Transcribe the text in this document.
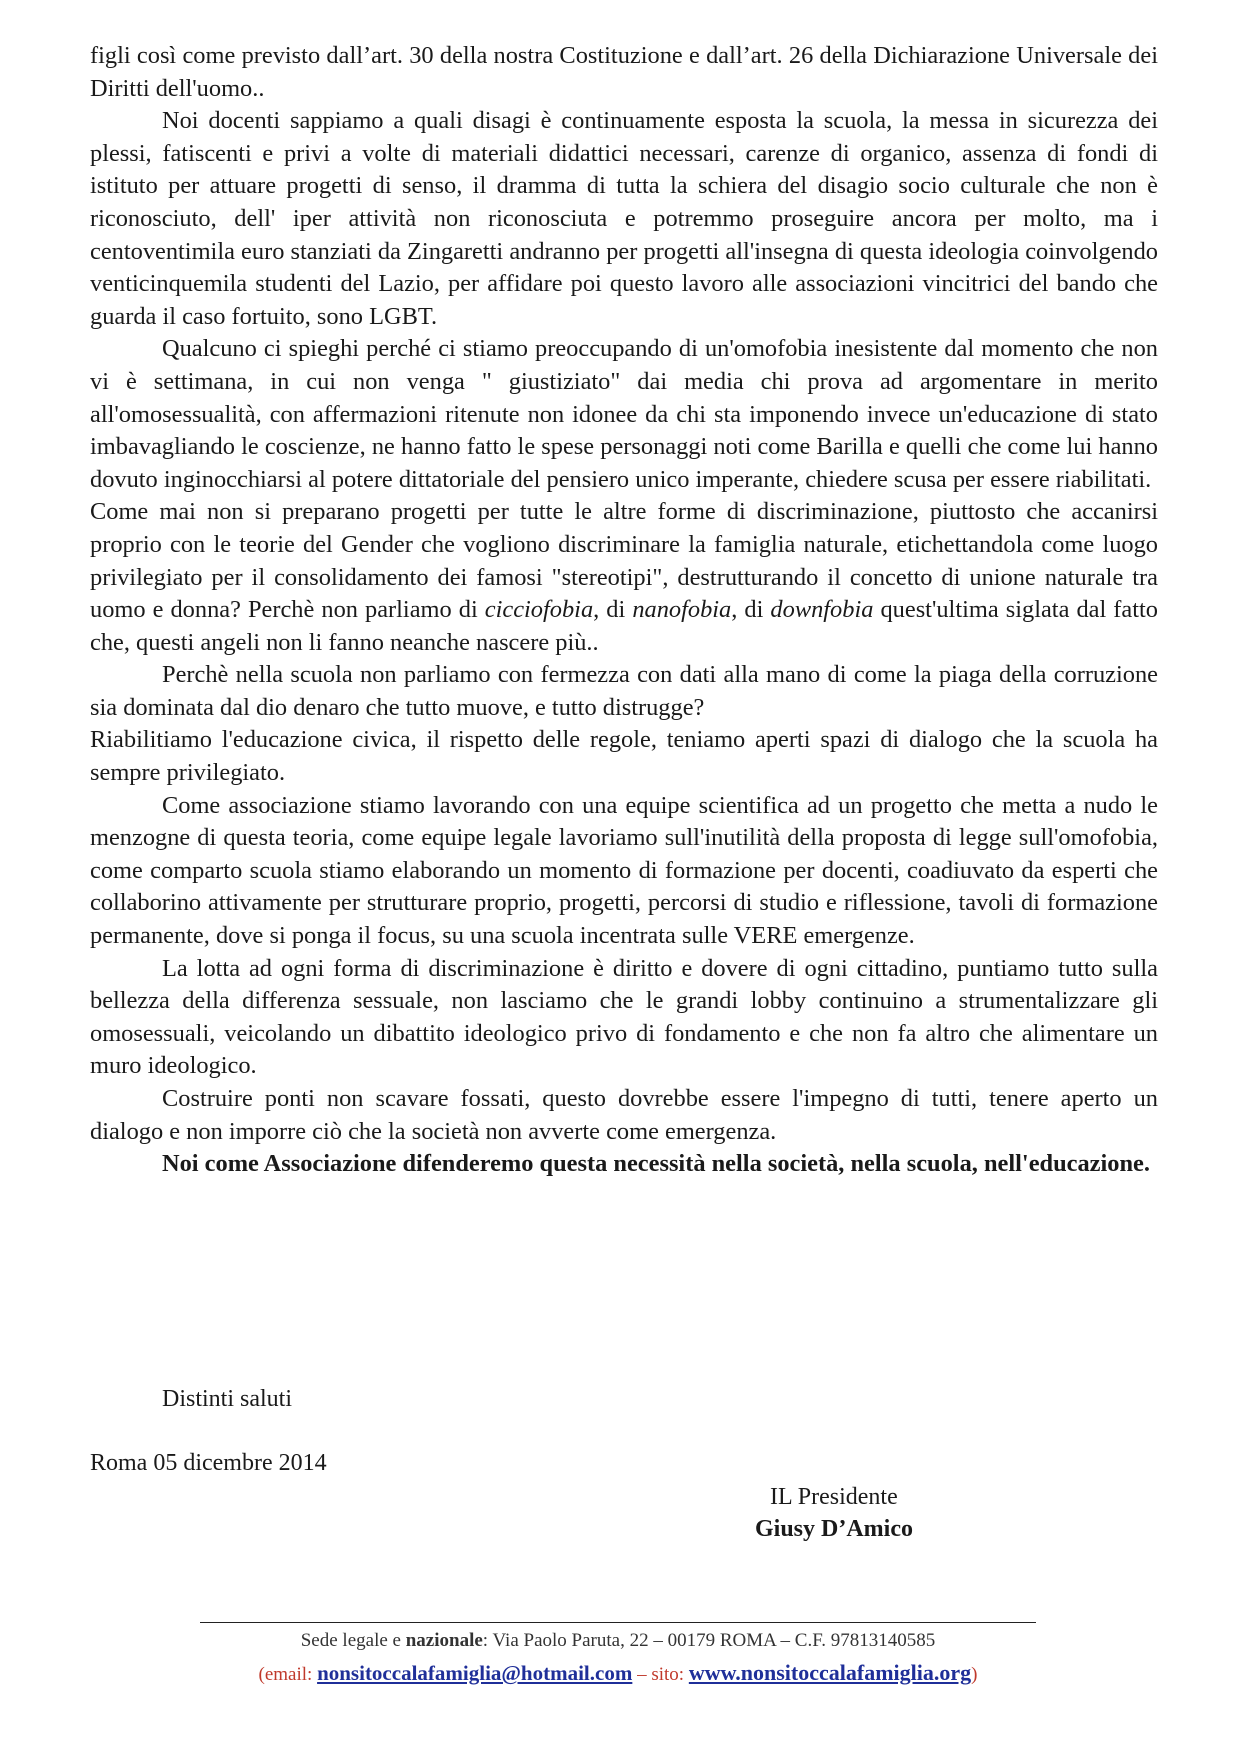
figli così come previsto dall’art. 30 della nostra Costituzione e dall’art. 26 della Dichiarazione Universale dei Diritti dell'uomo..

Noi docenti sappiamo a quali disagi è continuamente esposta la scuola, la messa in sicurezza dei plessi, fatiscenti e privi a volte di materiali didattici necessari, carenze di organico, assenza di fondi di istituto per attuare progetti di senso, il dramma di tutta la schiera del disagio socio culturale che non è riconosciuto, dell' iper attività non riconosciuta e potremmo proseguire ancora per molto, ma i centoventimila euro stanziati da Zingaretti andranno per progetti all'insegna di questa ideologia coinvolgendo venticinquemila studenti del Lazio, per affidare poi questo lavoro alle associazioni vincitrici del bando che guarda il caso fortuito, sono LGBT.

Qualcuno ci spieghi perché ci stiamo preoccupando di un'omofobia inesistente dal momento che non vi è settimana, in cui non venga " giustiziato" dai media chi prova ad argomentare in merito all'omosessualità, con affermazioni ritenute non idonee da chi sta imponendo invece un'educazione di stato imbavagliando le coscienze, ne hanno fatto le spese personaggi noti come Barilla e quelli che come lui hanno dovuto inginocchiarsi al potere dittatoriale del pensiero unico imperante, chiedere scusa per essere riabilitati.

Come mai non si preparano progetti per tutte le altre forme di discriminazione, piuttosto che accanirsi proprio con le teorie del Gender che vogliono discriminare la famiglia naturale, etichettandola come luogo privilegiato per il consolidamento dei famosi "stereotipi", destrutturando il concetto di unione naturale tra uomo e donna? Perchè non parliamo di cicciofobia, di nanofobia, di downfobia quest'ultima siglata dal fatto che, questi angeli non li fanno neanche nascere più..

Perchè nella scuola non parliamo con fermezza con dati alla mano di come la piaga della corruzione sia dominata dal dio denaro che tutto muove, e tutto distrugge?

Riabilitiamo l'educazione civica, il rispetto delle regole, teniamo aperti spazi di dialogo che la scuola ha sempre privilegiato.

Come associazione stiamo lavorando con una equipe scientifica ad un progetto che metta a nudo le menzogne di questa teoria, come equipe legale lavoriamo sull'inutilità della proposta di legge sull'omofobia, come comparto scuola stiamo elaborando un momento di formazione per docenti, coadiuvato da esperti che collaborino attivamente per strutturare proprio, progetti, percorsi di studio e riflessione, tavoli di formazione permanente, dove si ponga il focus, su una scuola incentrata sulle VERE emergenze.

La lotta ad ogni forma di discriminazione è diritto e dovere di ogni cittadino, puntiamo tutto sulla bellezza della differenza sessuale, non lasciamo che le grandi lobby continuino a strumentalizzare gli omosessuali, veicolando un dibattito ideologico privo di fondamento e che non fa altro che alimentare un muro ideologico.

Costruire ponti non scavare fossati, questo dovrebbe essere l'impegno di tutti, tenere aperto un dialogo e non imporre ciò che la società non avverte come emergenza.

Noi come Associazione difenderemo questa necessità nella società, nella scuola, nell'educazione.

Distinti saluti
Roma 05 dicembre 2014
IL Presidente
Giusy D’Amico
Sede legale e nazionale: Via Paolo Paruta, 22 – 00179 ROMA – C.F. 97813140585
(email: nonsitoccalafamiglia@hotmail.com – sito: www.nonsitoccalafamiglia.org)
